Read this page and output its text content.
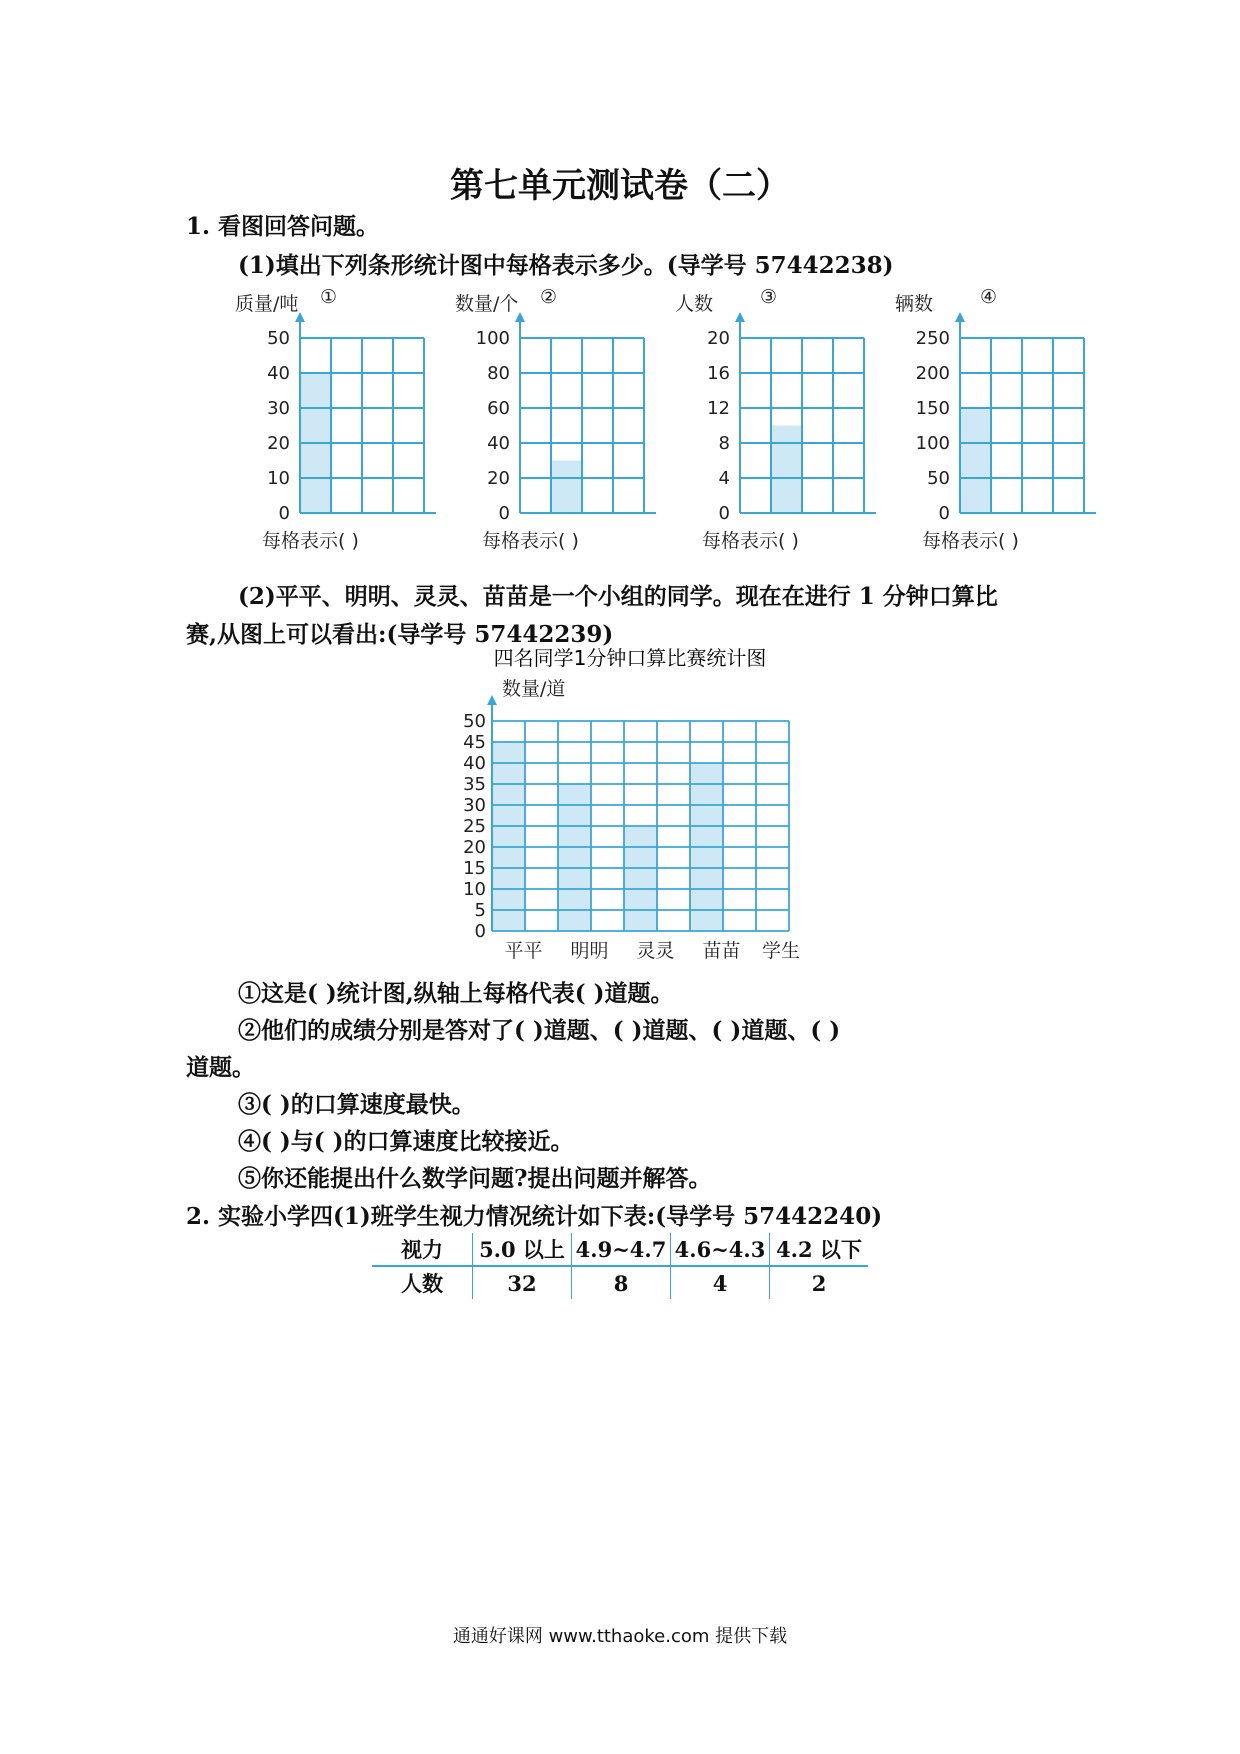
第七单元测试卷（二）
1. 看图回答问题。
(1)填出下列条形统计图中每格表示多少。(导学号 57442238)
质量/吨 ①
0
10
20
30
40
50
每格表示( )
数量/个 ②
0
20
40
60
80
100
每格表示( )
人数 ③
0
4
8
12
16
20
每格表示( )
辆数 ④
0
50
100
150
200
250
每格表示( )
(2)平平、明明、灵灵、苗苗是一个小组的同学。现在在进行 1 分钟口算比
赛,从图上可以看出:(导学号 57442239)
四名同学1分钟口算比赛统计图
数量/道
0
5
10
15
20
25
30
35
40
45
50
平平 明明 灵灵 苗苗 学生
①这是( )统计图,纵轴上每格代表( )道题。
②他们的成绩分别是答对了( )道题、( )道题、( )道题、( )
道题。
③( )的口算速度最快。
④( )与( )的口算速度比较接近。
⑤你还能提出什么数学问题?提出问题并解答。
2. 实验小学四(1)班学生视力情况统计如下表:(导学号 57442240)
视力	5.0 以上	4.9~4.7	4.6~4.3	4.2 以下
人数	32	8	4	2
通通好课网 www.tthaoke.com 提供下载
